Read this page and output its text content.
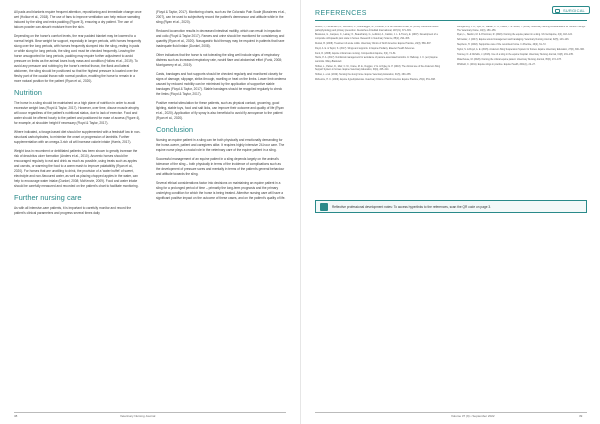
All pads and blankets require frequent attention, repositioning and immediate change once wet (Hollow et al., 2018). The use of fans to improve ventilation can help reduce sweating induced by the sling and extra padding (Figure 3), ensuring a dry patient. The use of talcum powder can absorb moisture from the skin.

Depending on the horse's comfort levels, the rear padded blanket may be lowered to a normal height. Bear weight for support, especially in longer periods, with horses frequently slung over the long periods, with horses frequently slumped into the sling, resting in pads or while slung for long periods, the sling cord must be checked frequently. Leaving the horse unsupported for long periods, padding may require further adjustment to avoid pressure on limbs as the animal loses body mass and condition (Hollow et al., 2019). To avoid any pressure and rubbing by the horse's ventral thorax, the flank and lateral abdomen, the sling should be positioned so that the highest pressure is located over the fleshy part of the caudal thorax with normal position, enabling the horse to remain in a more natural position for the patient (Ryan et al., 2020).

Nutrition

The horse in a sling should be maintained on a high plane of nutrition in order to avoid excessive weight loss (Floyd & Taylor, 2017). However, over time, disuse muscle atrophy will occur regardless of the patient's nutritional status, due to lack of exercise. Food and water should be offered hourly to the patient and positioned for ease of access (Figure 4), for example, at shoulder height if necessary (Floyd & Taylor, 2017).

Where indicated, a forage-based diet should be supplemented with a feedstuff low in non-structural carbohydrates, to minimise the onset or progression of laminitis. Further supplementation with an omega-3-rich oil will increase calorie intake (Harris, 2017).

Weight loss in recumbent or debilitated patients has been shown to greatly increase the risk of decubitus ulcer formation (Anders et al., 2010). Anorexic horses should be encouraged regularly to eat and drink as much as possible, using treats such as apples and carrots, or warming the food to a warm mash to improve palatability (Ryan et al., 2020). For horses that are unwilling to drink, the provision of a 'water buffet' of sweet, electrolyte and non-flavoured water, as well as placing chopped apples in the water, can help to encourage water intake (Dunkel, 2008; McKenzie, 2009). Food and water intake should be carefully measured and recorded on the patient's chart to facilitate monitoring.

Further nursing care

As with all intensive-care patients, it is important to carefully monitor and record the patient's clinical parameters and progress several times daily

(Floyd & Taylor, 2017). Monitoring charts, such as the Colorado Pain Scale (Bussieres et al., 2007), can be used to subjectively record the patient's demeanour and attitude while in the sling (Ryan et al., 2020).

Reduced locomotion results in decreased intestinal motility, which can result in impaction and colic (Floyd & Taylor 2017). Faeces and urine should be monitored for consistency and quantity (Ryan et al., 2020). Nasogastric fluid therapy may be required in patients that have inadequate fluid intake (Dunkel, 2008).

Other indicators that the horse is not tolerating the sling well include signs of respiratory distress such as increased respiratory rate, nostril flare and abdominal effort (Funk, 2008; Montgomery et al., 2019).

Casts, bandages and foot supports should be checked regularly and monitored closely for signs of damage, slippage, strike-through, swelling or heat on the limbs. Lower limb oedema caused by reduced mobility can be minimised by the application of supportive stable bandages (Floyd & Taylor, 2017). Stable bandages should be reapplied regularly to check the limbs (Floyd & Taylor, 2017).

Positive mental stimulation for these patients, such as physical contact, grooming, good lighting, stable toys, food and salt licks, can improve their outcome and quality of life (Ryan et al., 2020). Application of fly spray is also beneficial to avoid fly annoyance to the patient (Ryan et al., 2020).

Conclusion

Nursing an equine patient in a sling can be both physically and emotionally demanding for the horse-owner, patient and caregivers alike. It requires highly intensive 24-hour care. The equine nurse plays a crucial role in the veterinary care of the equine patient in a sling.

Successful management of an equine patient in a sling depends largely on the animal's tolerance of the sling – both physically in terms of the incidence of complications such as the development of pressure sores and mentally in terms of the patient's general behaviour and attitude towards the sling.

Several ethical considerations factor into decisions on maintaining an equine patient in a sling for a prolonged period of time – primarily the long-term prognosis and the primary underlying condition for which the horse is being treated. Attentive nursing care will have a significant positive impact on the outcome of these cases, and on the patient's quality of life.

38	Veterinary Nursing Journal
SURGICAL
REFERENCES
Anders, J., Heinemann, A., Leffmann, C., Leutenegger, M., Pröfener, F. & von Renteln-Kruse, W. (2010). Decubitus ulcers: pathophysiology and primary prevention. Deutsches Ärzteblatt International, 107(21), 371–381.
Bussieres, G., Jacques, C., Lainay, O., Beauchamp, G., Leblond, A., Cadoré, J. L. & Troncy, E. (2007). Development of a composite orthopaedic pain scale in horses. Research in Veterinary Science, 85(2), 294–306.
Dunkel, B. (2008). Treatment of acute colitis. Veterinary Clinics of North America: Equine Practice, 24(3), 589–607.
Floyd, A. E. & Taylor, S. (2017). Slings and supports. In Equine Podiatry. Elsevier Health Sciences.
Funk, R. (2008). Equine critical care nursing. Compendium Equine, 3(2), 74–81.
Harris, P. A. (2017). Nutritional management for avoidance of pasture-associated laminitis. In: Belknap, J. K. (ed.) Equine Laminitis. Wiley-Blackwell.
Hollow, L., Parker, D., Marr, C. M., Crane, M. E., Duggan, V. E. & Ogley, E. P. (2018). The clinical use of the Anderson Sling Support System in horses. Equine Veterinary Education, 30(4), 205–214.
Hollow, L. et al. (2019). Nursing the slung horse. Equine Veterinary Education, 31(5), 260–265.
McKenzie, H. C. (2009). Equine hyperlipidemias. Veterinary Clinics of North America: Equine Practice, 25(2), 351–368.
Montgomery, J. B., Lyle, G., Walker, C. S., Hanks, T. & Hunter, T. (2019). Veterinary nursing considerations for horses in slings. The Veterinary Nurse, 10(3), 150–156.
Ryan, L., Skellon, M. & O'Gorman, R. (2020). Nursing the equine patient in a sling. UK-Vet Equine, 4(4), 118–124.
Schneider, J. (2017). Equine wound management and bandaging. Veterinary Nursing Journal, 32(5), 143–146.
Stephens, H. (2018). Supportive care of the recumbent horse. In Practice, 40(2), 61–72.
Taylor, S. & Floyd, A. E. (2015). Anderson Sling Suspension System for horses. Equine Veterinary Education, 27(6), 300–306.
Twomey, D. & Nicholls, J. (2016). Use of a sling in the equine hospital. Veterinary Nursing Journal, 31(8), 231–235.
Waterhouse, M. (2020). Nursing the critical equine patient. Veterinary Nursing Journal, 35(6), 172–178.
Whitfield, C. (2011). Equine slings in practice. Equine Health, 2011(1), 22–27.
Reflective professional development notes: To access hyperlinks to the references, scan the QR code on page 3.
Volume 37 (9) • September 2022	39
